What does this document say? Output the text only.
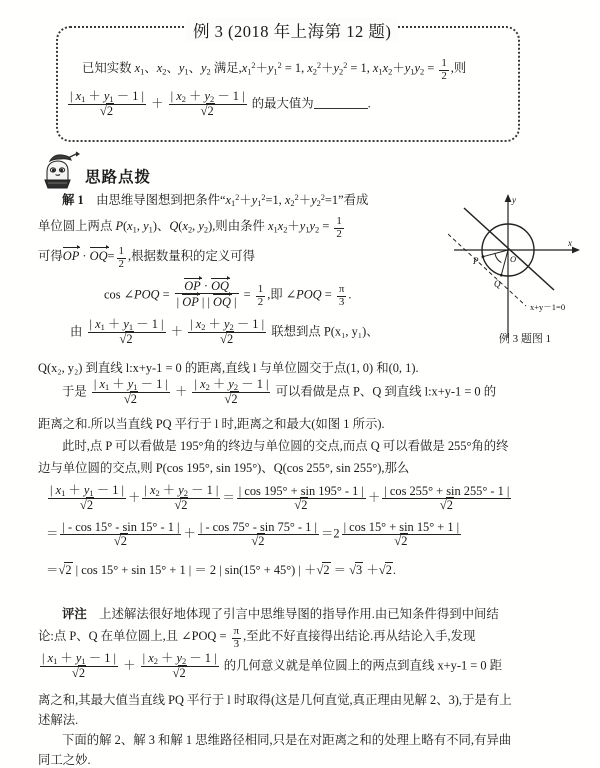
例 3 (2018 年上海第 12 题)
已知实数 $x_1$、$x_2$、$y_1$、$y_2$ 满足$,x_1^2+y_1^2 = 1$, $x_2^2+y_2^2 = 1$, $x_1x_2+y_1y_2 = \frac{1}{2}$ ,则
$\frac{| x_1 + y_1 - 1 |}{√2} + \frac{| x_2 + y_2 - 1 |}{√2}$ 的最大值为	.
思路点拨
解 1 由思维导图想到把条件“$x_1^2+y_1^2=1$, $x_2^2+y_2^2=1$”看成
单位圆上两点 $P(x_1$, $y_1$)、$Q(x_2$, $y_2$),则由条件 $x_1x_2+y_1y_2 = \frac{1}{2}$
可得OP · $OQ= \frac{1}{2}$ ,根据数量积的定义可得
cos ∠POQ = $\frac{OP \cdot OQ}{| OP | | OQ |} = \frac{1}{2}$ ,即 ∠POQ = $\frac{\pi}{3}$ .
由 $\frac{| x_1 + y_1 - 1 |}{√2} + \frac{| x_2 + y_2 - 1 |}{√2}$ 联想到点 P(x₁, y₁)、
Q(x₂, y₂) 到直线 l:x+y-1 = 0 的距离,直线 l 与单位圆交于点(1, 0) 和(0, 1).
于是 $\frac{| x_1 + y_1 - 1 |}{√2} + \frac{| x_2 + y_2 - 1 |}{√2}$ 可以看做是点 P、Q 到直线 l:x+y-1 = 0 的
距离之和.所以当直线 PQ 平行于 l 时,距离之和最大(如图 1 所示).
此时,点 P 可以看做是 195°角的终边与单位圆的交点,而点 Q 可以看做是 255°角的终
边与单位圆的交点,则 P(cos 195°, sin 195°)、Q(cos 255°, sin 255°),那么
y
x
O
P
Q
x+y－1=0
例 3 题图 1
$\frac{| x_1 + y_1 - 1 |}{√2} + \frac{| x_2 + y_2 - 1 |}{√2} = \frac{| \cos 195^\circ + \sin 195^\circ - 1 |}{√2} + \frac{| \cos 255^\circ + \sin 255^\circ - 1 |}{√2}$
＝ $\frac{| - \cos 15^\circ - \sin 15^\circ - 1 |}{√2} + \frac{| - \cos 75^\circ - \sin 75^\circ - 1 |}{√2} =2 \frac{| \cos 15^\circ + \sin 15^\circ + 1 |}{√2}$
＝√2 | cos 15° + sin 15° + 1 | ＝ 2 | sin(15° + 45°) | ＋√2 ＝ √3 ＋√2.
评注 上述解法很好地体现了引言中思维导图的指导作用.由已知条件得到中间结
论:点 P、Q 在单位圆上,且 ∠POQ = $\frac{\pi}{3}$ ,至此不好直接得出结论.再从结论入手,发现
$\frac{| x_1 + y_1 - 1 |}{√2} + \frac{| x_2 + y_2 - 1 |}{√2}$ 的几何意义就是单位圆上的两点到直线 x+y-1 = 0 距
离之和,其最大值当直线 PQ 平行于 l 时取得(这是几何直觉,真正理由见解 2、3),于是有上
述解法.
下面的解 2、解 3 和解 1 思维路径相同,只是在对距离之和的处理上略有不同,有异曲
同工之妙.
